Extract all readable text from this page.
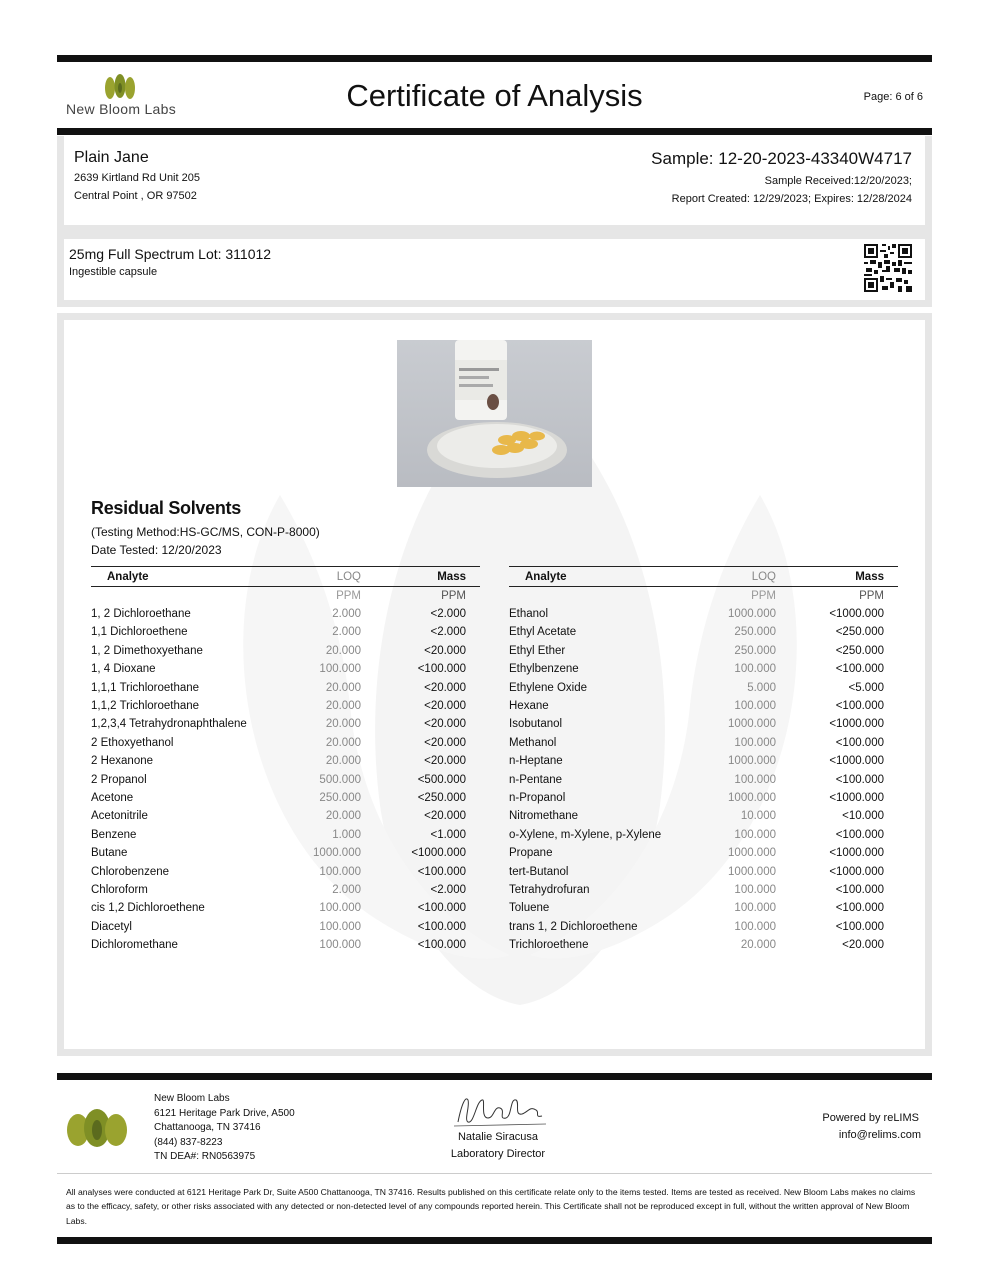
New Bloom Labs	Certificate of Analysis	Page: 6 of 6
Plain Jane
2639 Kirtland Rd Unit 205
Central Point , OR 97502
Sample: 12-20-2023-43340W4717
Sample Received:12/20/2023;
Report Created: 12/29/2023; Expires: 12/28/2024
25mg Full Spectrum Lot: 311012
Ingestible capsule
Residual Solvents
(Testing Method:HS-GC/MS, CON-P-8000)
Date Tested: 12/20/2023
Analyte	LOQ	Mass
	PPM	PPM
1, 2 Dichloroethane	2.000	<2.000
1,1 Dichloroethene	2.000	<2.000
1, 2 Dimethoxyethane	20.000	<20.000
1, 4 Dioxane	100.000	<100.000
1,1,1 Trichloroethane	20.000	<20.000
1,1,2 Trichloroethane	20.000	<20.000
1,2,3,4 Tetrahydronaphthalene	20.000	<20.000
2 Ethoxyethanol	20.000	<20.000
2 Hexanone	20.000	<20.000
2 Propanol	500.000	<500.000
Acetone	250.000	<250.000
Acetonitrile	20.000	<20.000
Benzene	1.000	<1.000
Butane	1000.000	<1000.000
Chlorobenzene	100.000	<100.000
Chloroform	2.000	<2.000
cis 1,2 Dichloroethene	100.000	<100.000
Diacetyl	100.000	<100.000
Dichloromethane	100.000	<100.000
Analyte	LOQ	Mass
	PPM	PPM
Ethanol	1000.000	<1000.000
Ethyl Acetate	250.000	<250.000
Ethyl Ether	250.000	<250.000
Ethylbenzene	100.000	<100.000
Ethylene Oxide	5.000	<5.000
Hexane	100.000	<100.000
Isobutanol	1000.000	<1000.000
Methanol	100.000	<100.000
n-Heptane	1000.000	<1000.000
n-Pentane	100.000	<100.000
n-Propanol	1000.000	<1000.000
Nitromethane	10.000	<10.000
o-Xylene, m-Xylene, p-Xylene	100.000	<100.000
Propane	1000.000	<1000.000
tert-Butanol	1000.000	<1000.000
Tetrahydrofuran	100.000	<100.000
Toluene	100.000	<100.000
trans 1, 2 Dichloroethene	100.000	<100.000
Trichloroethene	20.000	<20.000
New Bloom Labs
6121 Heritage Park Drive, A500
Chattanooga, TN 37416
(844) 837-8223
TN DEA#: RN0563975
Natalie Siracusa
Laboratory Director
Powered by reLIMS
info@relims.com
All analyses were conducted at 6121 Heritage Park Dr, Suite A500 Chattanooga, TN 37416. Results published on this certificate relate only to the items tested. Items are tested as received. New Bloom Labs makes no claims as to the efficacy, safety, or other risks associated with any detected or non-detected level of any compounds reported herein. This Certificate shall not be reproduced except in full, without the written approval of New Bloom Labs.
